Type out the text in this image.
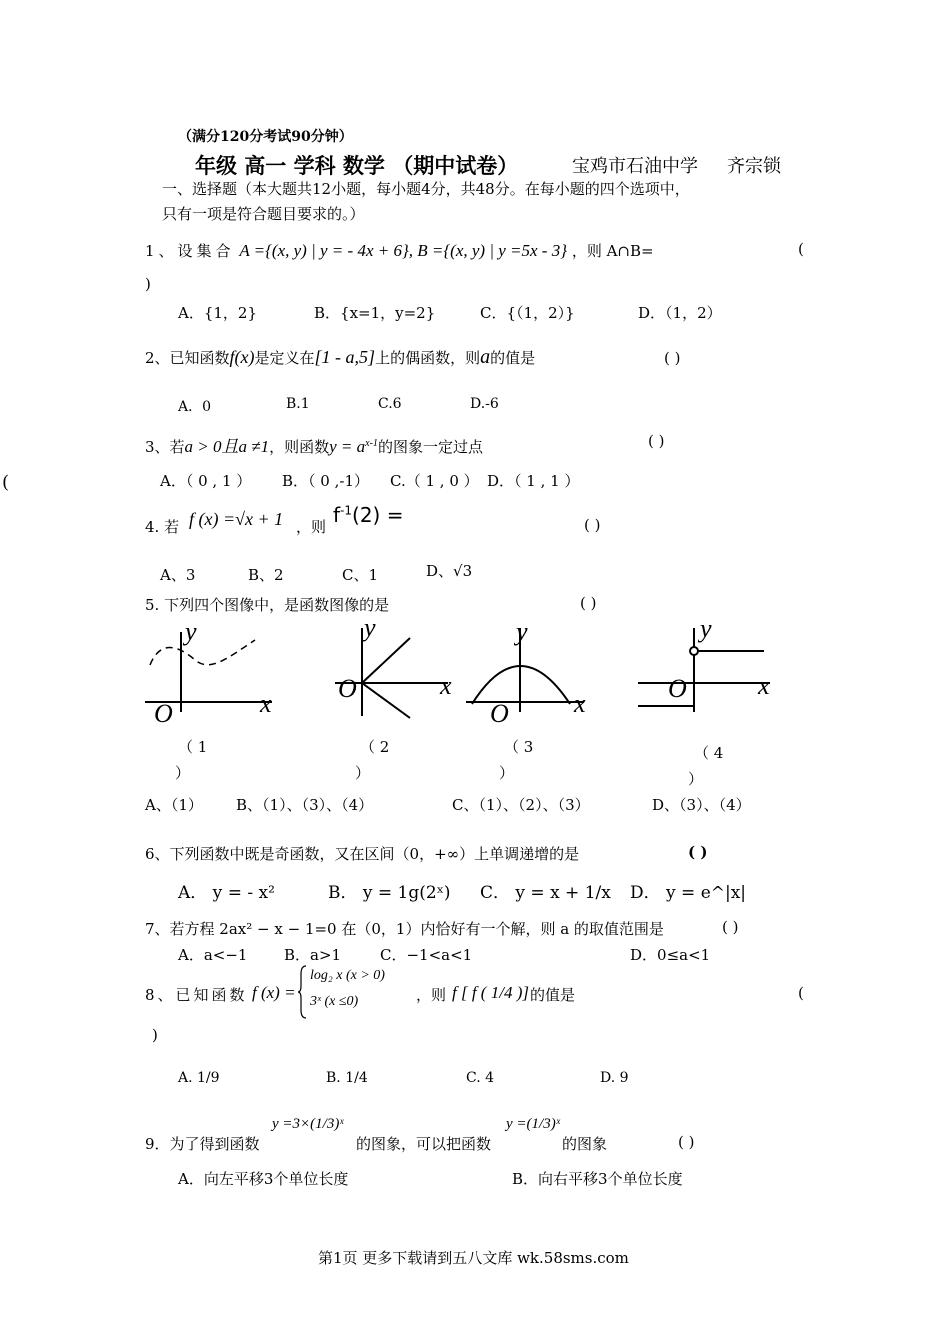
（满分120分考试90分钟）
年级 高一 学科 数学 （期中试卷）	宝鸡市石油中学 齐宗锁
一、选择题（本大题共12小题，每小题4分，共48分。在每小题的四个选项中，
只有一项是符合题目要求的。）
1、设集合 A ={(x, y) | y = - 4x + 6}, B ={(x, y) | y =5x - 3} ，则 A∩B=	(
)
A．{1，2}	B．{x=1，y=2}	C．{（1，2）}	D．（1，2）
2、已知函数f(x)是定义在[1 - a,5]上的偶函数，则a的值是	( )
A．0	B.1	C.6	D.-6
3、若a > 0且a ≠1，则函数$y = a^{x-1}$的图象一定过点	( )
A．（ 0 , 1 ） B．（ 0 ,-1） C.（ 1 , 0 ） D．（ 1 , 1 ）
(
4. 若 f (x) =√x + 1 ，则 $f^{-1}(2)$ =	( )
A、3	B、2	C、1	D、√3
5. 下列四个图像中，是函数图像的是	( )
y
x
O
y
x
O
y
x
O
y
x
O
（ 1
）
（ 2
）
（ 3
）
（ 4
）
A、（1） B、（1）、（3）、（4）	C、（1）、（2）、（3）	D、（3）、（4）
6、下列函数中既是奇函数，又在区间（0，+∞）上单调递增的是	( )
A． y = - x²	B． y = 1g(2ˣ) C． y = x + 1/x D． y = e^|x|
7、若方程 2ax² − x − 1=0 在（0，1）内恰好有一个解，则 a 的取值范围是	( )
A．a<−1 B．a>1	C．−1<a<1	D．0≤a<1
8、已知函数 f (x) =
log₂ x (x > 0)
3ˣ (x ≤0)	，则 f [ f ( 1/4 )] 的值是	(
)
A. 1/9	B. 1/4	C. 4	D. 9
9．为了得到函数
y =3×(1/3)ˣ
的图象，可以把函数
y =(1/3)ˣ
的图象	( )
A．向左平移3个单位长度	B．向右平移3个单位长度
第1页 更多下载请到五八文库 wk.58sms.com
